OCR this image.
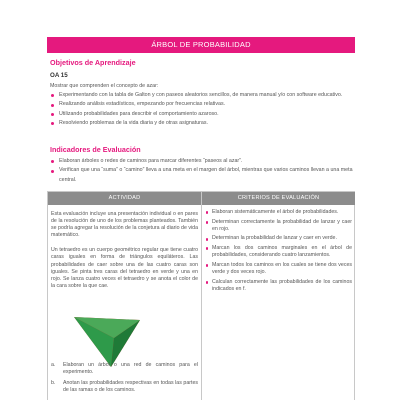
ÁRBOL DE PROBABILIDAD
Objetivos de Aprendizaje
OA 15
Mostrar que comprenden el concepto de azar:
Experimentando con la tabla de Galton y con paseos aleatorios sencillos, de manera manual y/o con software educativo.
Realizando análisis estadísticos, empezando por frecuencias relativas.
Utilizando probabilidades para describir el comportamiento azaroso.
Resolviendo problemas de la vida diaria y de otras asignaturas.
Indicadores de Evaluación
Elaboran árboles o redes de caminos para marcar diferentes “paseos al azar”.
Verifican que una “suma” o “camino” lleva a una meta en el margen del árbol, mientras que varios caminos llevan a una meta central.
ACTIVIDAD	CRITERIOS DE EVALUACIÓN

Esta evaluación incluye una presentación individual o en pares de la resolución de uno de los problemas planteados. También se podría agregar la resolución de la conjetura al diario de vida matemático.

Un tetraedro es un cuerpo geométrico regular que tiene cuatro caras iguales en forma de triángulos equiláteros. Las probabilidades de caer sobre una de las cuatro caras son iguales. Se pinta tres caras del tetraedro en verde y una en rojo. Se lanza cuatro veces el tetraedro y se anota el color de la cara sobre la que cae.

a. Elaboran un árbol o una red de caminos para el experimento.
b. Anotan las probabilidades respectivas en todas las partes de las ramas o de los caminos.
Elaboran sistemáticamente el árbol de probabilidades.
Determinan correctamente la probabilidad de lanzar y caer en rojo.
Determinan la probabilidad de lanzar y caer en verde.
Marcan los dos caminos marginales en el árbol de probabilidades, considerando cuatro lanzamientos.
Marcan todos los caminos en los cuales se tiene dos veces verde y dos veces rojo.
Calculan correctamente las probabilidades de los caminos indicados en f.
